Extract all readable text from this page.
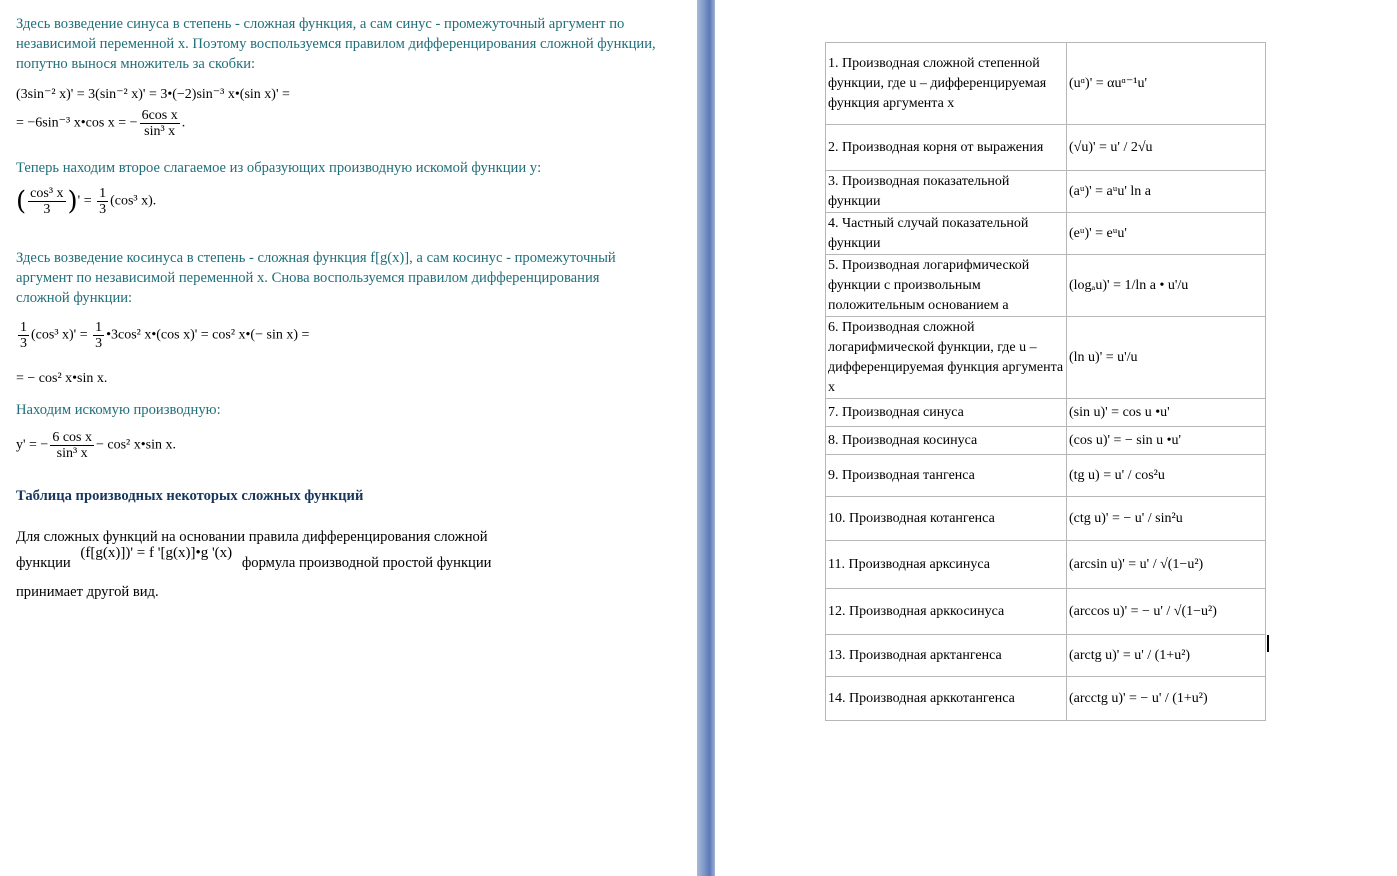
Здесь возведение синуса в степень - сложная функция, а сам синус - промежуточный аргумент по независимой переменной x. Поэтому воспользуемся правилом дифференцирования сложной функции, попутно вынося множитель за скобки:
(3sin⁻² x)' = 3(sin⁻² x)' = 3•(−2)sin⁻³ x•(sin x)' =
= −6sin⁻³ x•cos x = − $\frac{\text{6cos x}}{\text{sin³ x}}$ .
Теперь находим второе слагаемое из образующих производную искомой функции y:
( $\frac{\text{cos³ x}}{3}$ )' = $\frac{1}{3} (\cos^3$ x).
Здесь возведение косинуса в степень - сложная функция f[g(x)], а сам косинус - промежуточный аргумент по независимой переменной x. Снова воспользуемся правилом дифференцирования сложной функции:
$\frac{1}{3} (\cos^3$ $x)' = \frac{1}{3}$ •3cos² x•(cos x)' = cos² x•(− sin x) =
= − cos² x•sin x.
Находим искомую производную:
y' = − $\frac{\text{6 cos x}}{\text{sin³ x}} - \cos^2$ x•sin x.
Таблица производных некоторых сложных функций
Для сложных функций на основании правила дифференцирования сложной
функции (f[g(x)])' = f '[g(x)]•g '(x) формула производной простой функции
принимает другой вид.
1. Производная сложной степенной функции, где u – дифференцируемая функция аргумента x	(uᵅ)' = αuᵅ⁻¹u'
2. Производная корня от выражения	(√u)' = u' / 2√u
3. Производная показательной функции	(aᵘ)' = aᵘu' ln a
4. Частный случай показательной функции	(eᵘ)' = eᵘu'
5. Производная логарифмической функции с произвольным положительным основанием a	(logₐu)' = 1/ln a • u'/u
6. Производная сложной логарифмической функции, где u – дифференцируемая функция аргумента x	(ln u)' = u'/u
7. Производная синуса	(sin u)' = cos u •u'
8. Производная косинуса	(cos u)' = − sin u •u'
9. Производная тангенса	(tg u) = u' / cos²u
10. Производная котангенса	(ctg u)' = − u' / sin²u
11. Производная арксинуса	(arcsin u)' = u' / √(1−u²)
12. Производная арккосинуса	(arccos u)' = − u' / √(1−u²)
13. Производная арктангенса	(arctg u)' = u' / (1+u²)
14. Производная арккотангенса	(arcctg u)' = − u' / (1+u²)
